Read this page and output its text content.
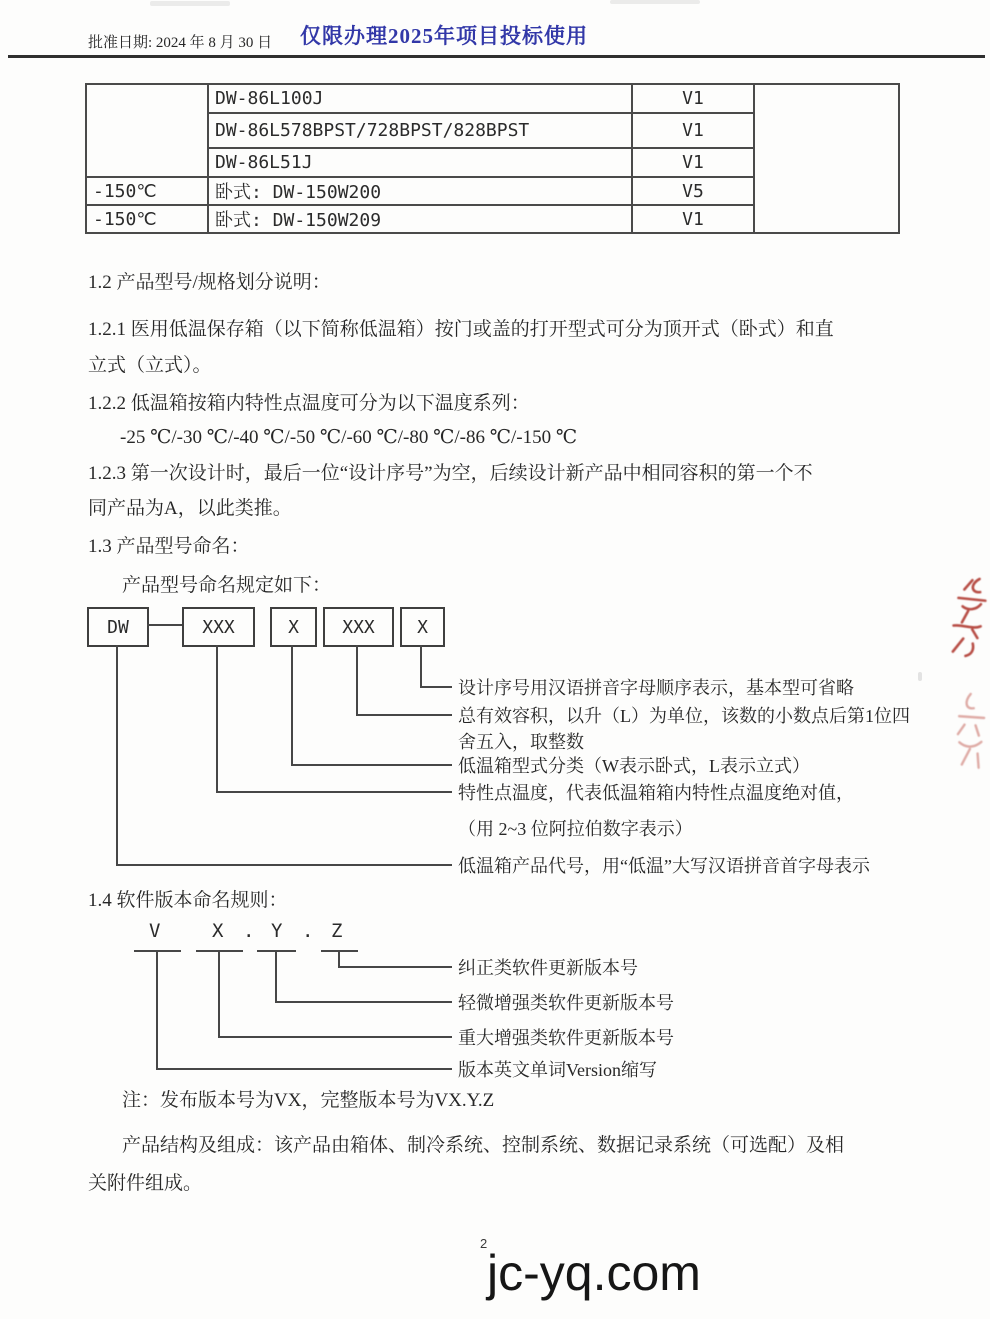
批准日期: 2024 年 8 月 30 日 仅限办理2025年项目投标使用
	DW-86L100J	V1	
	DW-86L578BPST/728BPST/828BPST	V1	
	DW-86L51J	V1	
-150℃	卧式: DW-150W200	V5	
-150℃	卧式: DW-150W209	V1	
1.2 产品型号/规格划分说明：
1.2.1 医用低温保存箱（以下简称低温箱）按门或盖的打开型式可分为顶开式（卧式）和直
立式（立式）。
1.2.2 低温箱按箱内特性点温度可分为以下温度系列：
-25 ℃/-30 ℃/-40 ℃/-50 ℃/-60 ℃/-80 ℃/-86 ℃/-150 ℃
1.2.3 第一次设计时，最后一位“设计序号”为空，后续设计新产品中相同容积的第一个不
同产品为A，以此类推。
1.3 产品型号命名：
产品型号命名规定如下：
DW	XXX	X	XXX	X
设计序号用汉语拼音字母顺序表示，基本型可省略
总有效容积，以升（L）为单位，该数的小数点后第1位四
舍五入，取整数
低温箱型式分类（W表示卧式，L表示立式）
特性点温度，代表低温箱箱内特性点温度绝对值，
（用 2~3 位阿拉伯数字表示）
低温箱产品代号，用“低温”大写汉语拼音首字母表示
1.4 软件版本命名规则：
V	X . Y . Z
纠正类软件更新版本号
轻微增强类软件更新版本号
重大增强类软件更新版本号
版本英文单词Version缩写
注：发布版本号为VX，完整版本号为VX.Y.Z
产品结构及组成：该产品由箱体、制冷系统、控制系统、数据记录系统（可选配）及相
关附件组成。
2
jc-yq.com
